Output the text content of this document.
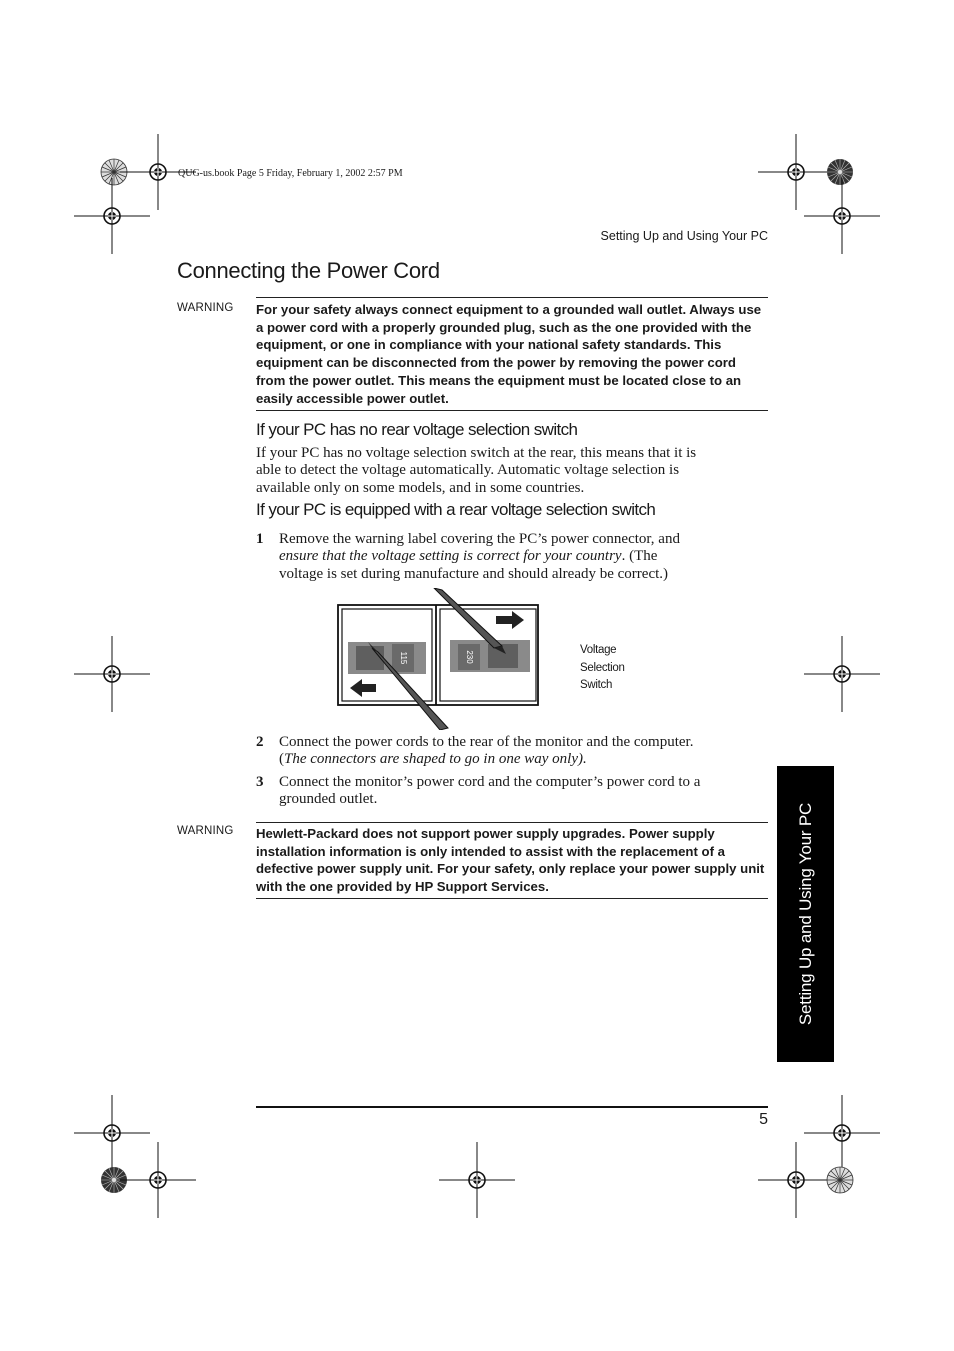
QUG-us.book Page 5 Friday, February 1, 2002 2:57 PM
Setting Up and Using Your PC
Connecting the Power Cord
WARNING For your safety always connect equipment to a grounded wall outlet. Always use

a power cord with a properly grounded plug, such as the one provided with the

equipment, or one in compliance with your national safety standards. This

equipment can be disconnected from the power by removing the power cord

from the power outlet. This means the equipment must be located close to an

easily accessible power outlet.

If your PC has no rear voltage selection switch
If your PC has no voltage selection switch at the rear, this means that it is
able to detect the voltage automatically. Automatic voltage selection is
available only on some models, and in some countries.
If your PC is equipped with a rear voltage selection switch
1 Remove the warning label covering the PC’s power connector, and
ensure that the voltage setting is correct for your country. (The
voltage is set during manufacture and should already be correct.)
115	230
Voltage
Selection
Switch
2 Connect the power cords to the rear of the monitor and the computer.
(The connectors are shaped to go in one way only).
3 Connect the monitor’s power cord and the computer’s power cord to a
grounded outlet.
WARNING Hewlett-Packard does not support power supply upgrades. Power supply

installation information is only intended to assist with the replacement of a

defective power supply unit. For your safety, only replace your power supply unit

with the one provided by HP Support Services.	Setting Up and Using Your PC
5
